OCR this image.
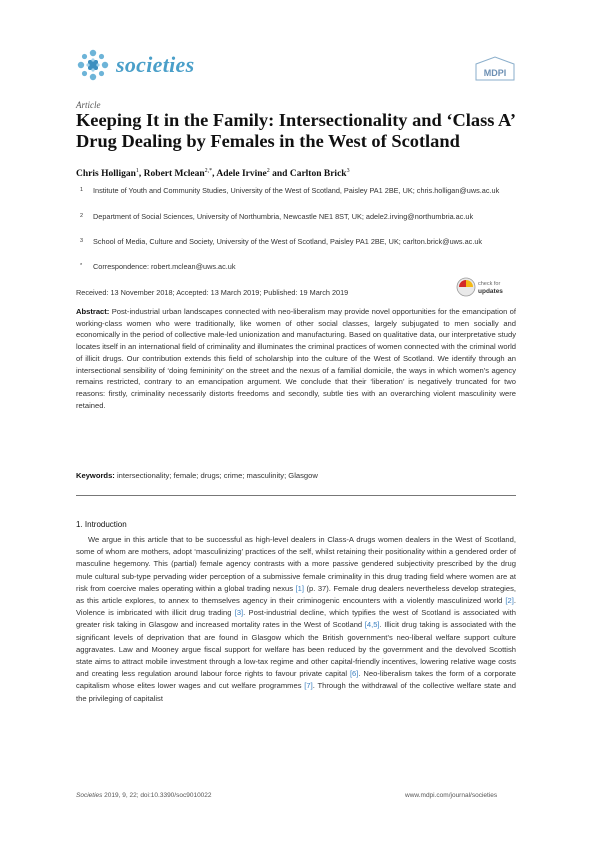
societies	MDPI
Article
Keeping It in the Family: Intersectionality and ‘Class A’ Drug Dealing by Females in the West of Scotland
Chris Holligan$^1$, Robert Mclean$^{2,*}$, Adele Irvine$^2$ and Carlton Brick$^3$
1 Institute of Youth and Community Studies, University of the West of Scotland, Paisley PA1 2BE, UK; chris.holligan@uws.ac.uk
2 Department of Social Sciences, University of Northumbria, Newcastle NE1 8ST, UK; adele2.irving@northumbria.ac.uk
3 School of Media, Culture and Society, University of the West of Scotland, Paisley PA1 2BE, UK; carlton.brick@uws.ac.uk
* Correspondence: robert.mclean@uws.ac.uk
check for
updates
Received: 13 November 2018; Accepted: 13 March 2019; Published: 19 March 2019
Abstract: Post-industrial urban landscapes connected with neo-liberalism may provide novel opportunities for the emancipation of working-class women who were traditionally, like women of other social classes, largely subjugated to men socially and economically in the period of collective male-led unionization and manufacturing. Based on qualitative data, our interpretative study locates itself in an international field of criminality and illuminates the criminal practices of women connected with the criminal world of illicit drugs. Our contribution extends this field of scholarship into the culture of the West of Scotland. We identify through an intersectional sensibility of ‘doing femininity’ on the street and the nexus of a familial domicile, the ways in which women’s agency remains restricted, contrary to an emancipation argument. We conclude that their ‘liberation’ is negatively truncated for two reasons: firstly, criminality necessarily distorts freedoms and secondly, subtle ties with an overarching violent masculinity were retained.
Keywords: intersectionality; female; drugs; crime; masculinity; Glasgow
1. Introduction
We argue in this article that to be successful as high-level dealers in Class-A drugs women dealers in the West of Scotland, some of whom are mothers, adopt ‘masculinizing’ practices of the self, whilst retaining their positionality within a gendered order of masculine hegemony. This (partial) female agency contrasts with a more passive gendered subjectivity prescribed by the drug mule cultural sub-type pervading wider perception of a submissive female criminality in this drug trading field where women are at risk from coercive males operating within a global trading nexus [1] (p. 37). Female drug dealers nevertheless develop strategies, as this article explores, to annex to themselves agency in their criminogenic encounters with a violently masculinized world [2]. Violence is imbricated with illicit drug trading [3]. Post-industrial decline, which typifies the west of Scotland is associated with greater risk taking in Glasgow and increased mortality rates in the West of Scotland [4,5]. Illicit drug taking is associated with the significant levels of deprivation that are found in Glasgow which the British government’s neo-liberal welfare support culture aggravates. Law and Mooney argue fiscal support for welfare has been reduced by the government and the devolved Scottish state aims to attract mobile investment through a low-tax regime and other capital-friendly incentives, lowering relative wage costs and creating less regulation around labour force rights to favour private capital [6]. Neo-liberalism takes the form of a corporate capitalism whose elites lower wages and cut welfare programmes [7]. Through the withdrawal of the collective welfare state and the privileging of capitalist
Societies 2019, 9, 22; doi:10.3390/soc9010022	www.mdpi.com/journal/societies
